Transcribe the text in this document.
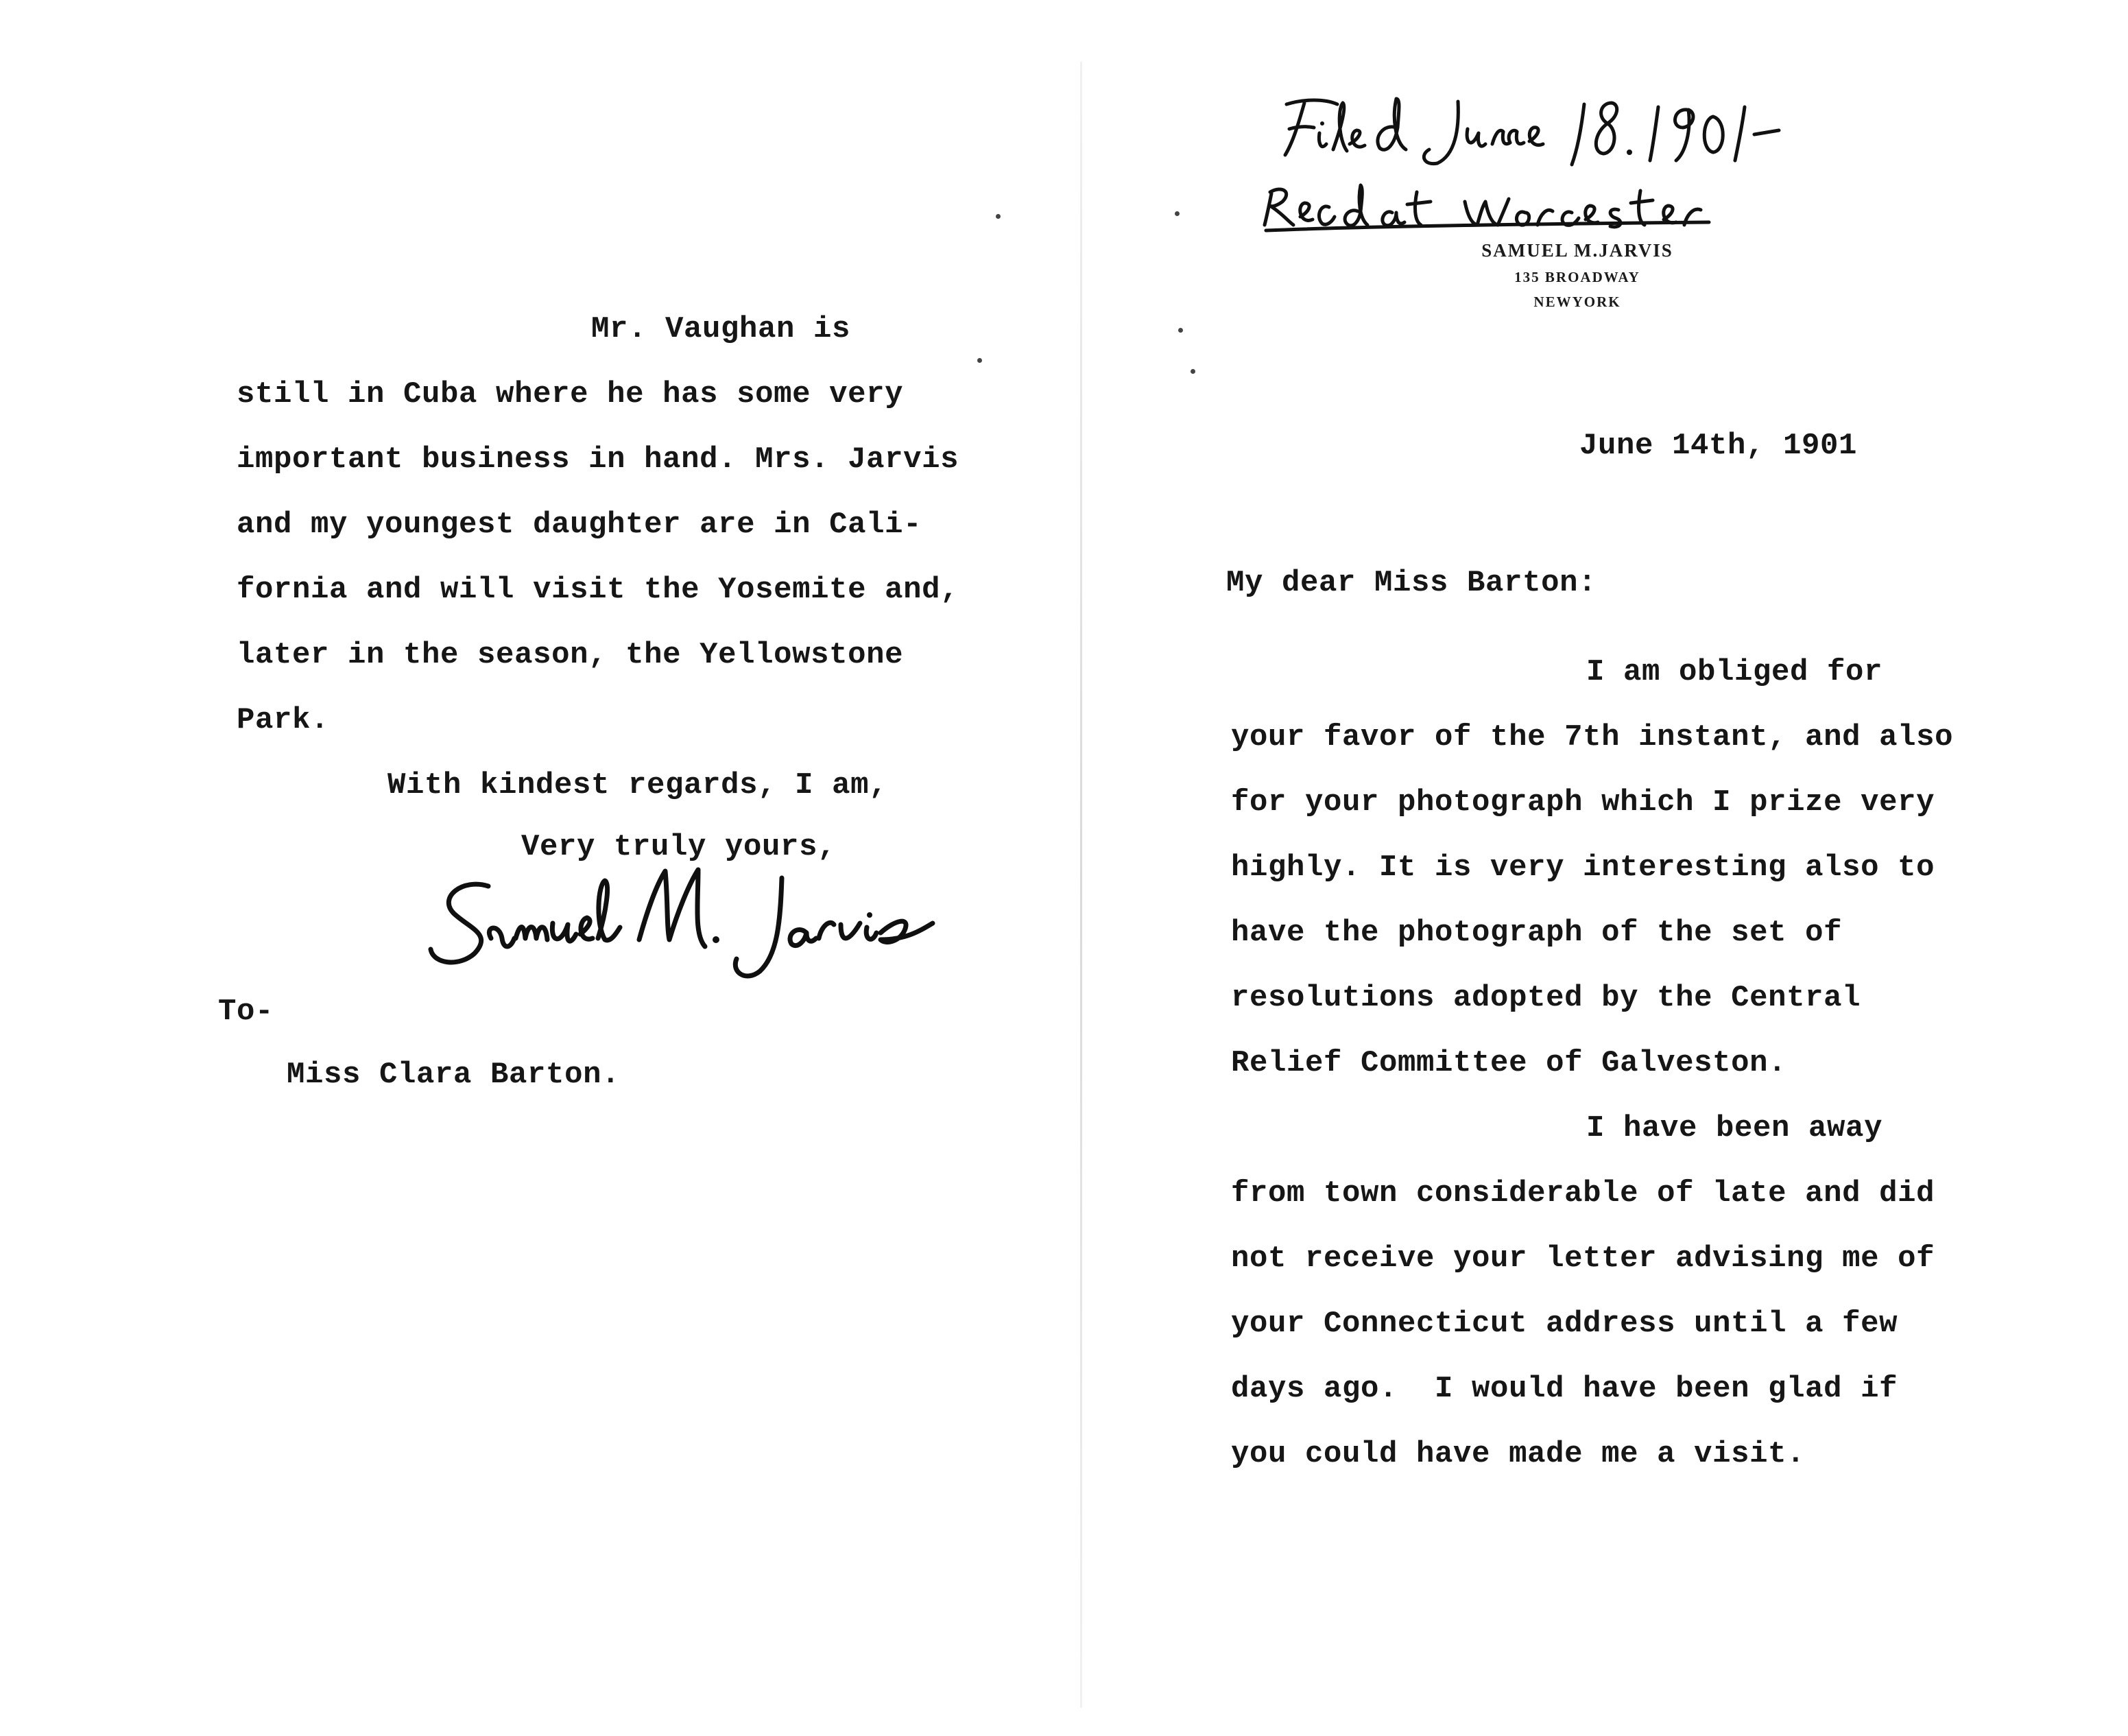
Mr. Vaughan is

still in Cuba where he has some very

important business in hand. Mrs. Jarvis

and my youngest daughter are in Cali-

fornia and will visit the Yosemite and,

later in the season, the Yellowstone

Park.

With kindest regards, I am,

Very truly yours,

To-

Miss Clara Barton.

SAMUEL M.JARVIS
135 BROADWAY
NEWYORK

June 14th, 1901

My dear Miss Barton:

I am obliged for

your favor of the 7th instant, and also

for your photograph which I prize very

highly. It is very interesting also to

have the photograph of the set of

resolutions adopted by the Central

Relief Committee of Galveston.

I have been away

from town considerable of late and did

not receive your letter advising me of

your Connecticut address until a few

days ago.  I would have been glad if

you could have made me a visit.
